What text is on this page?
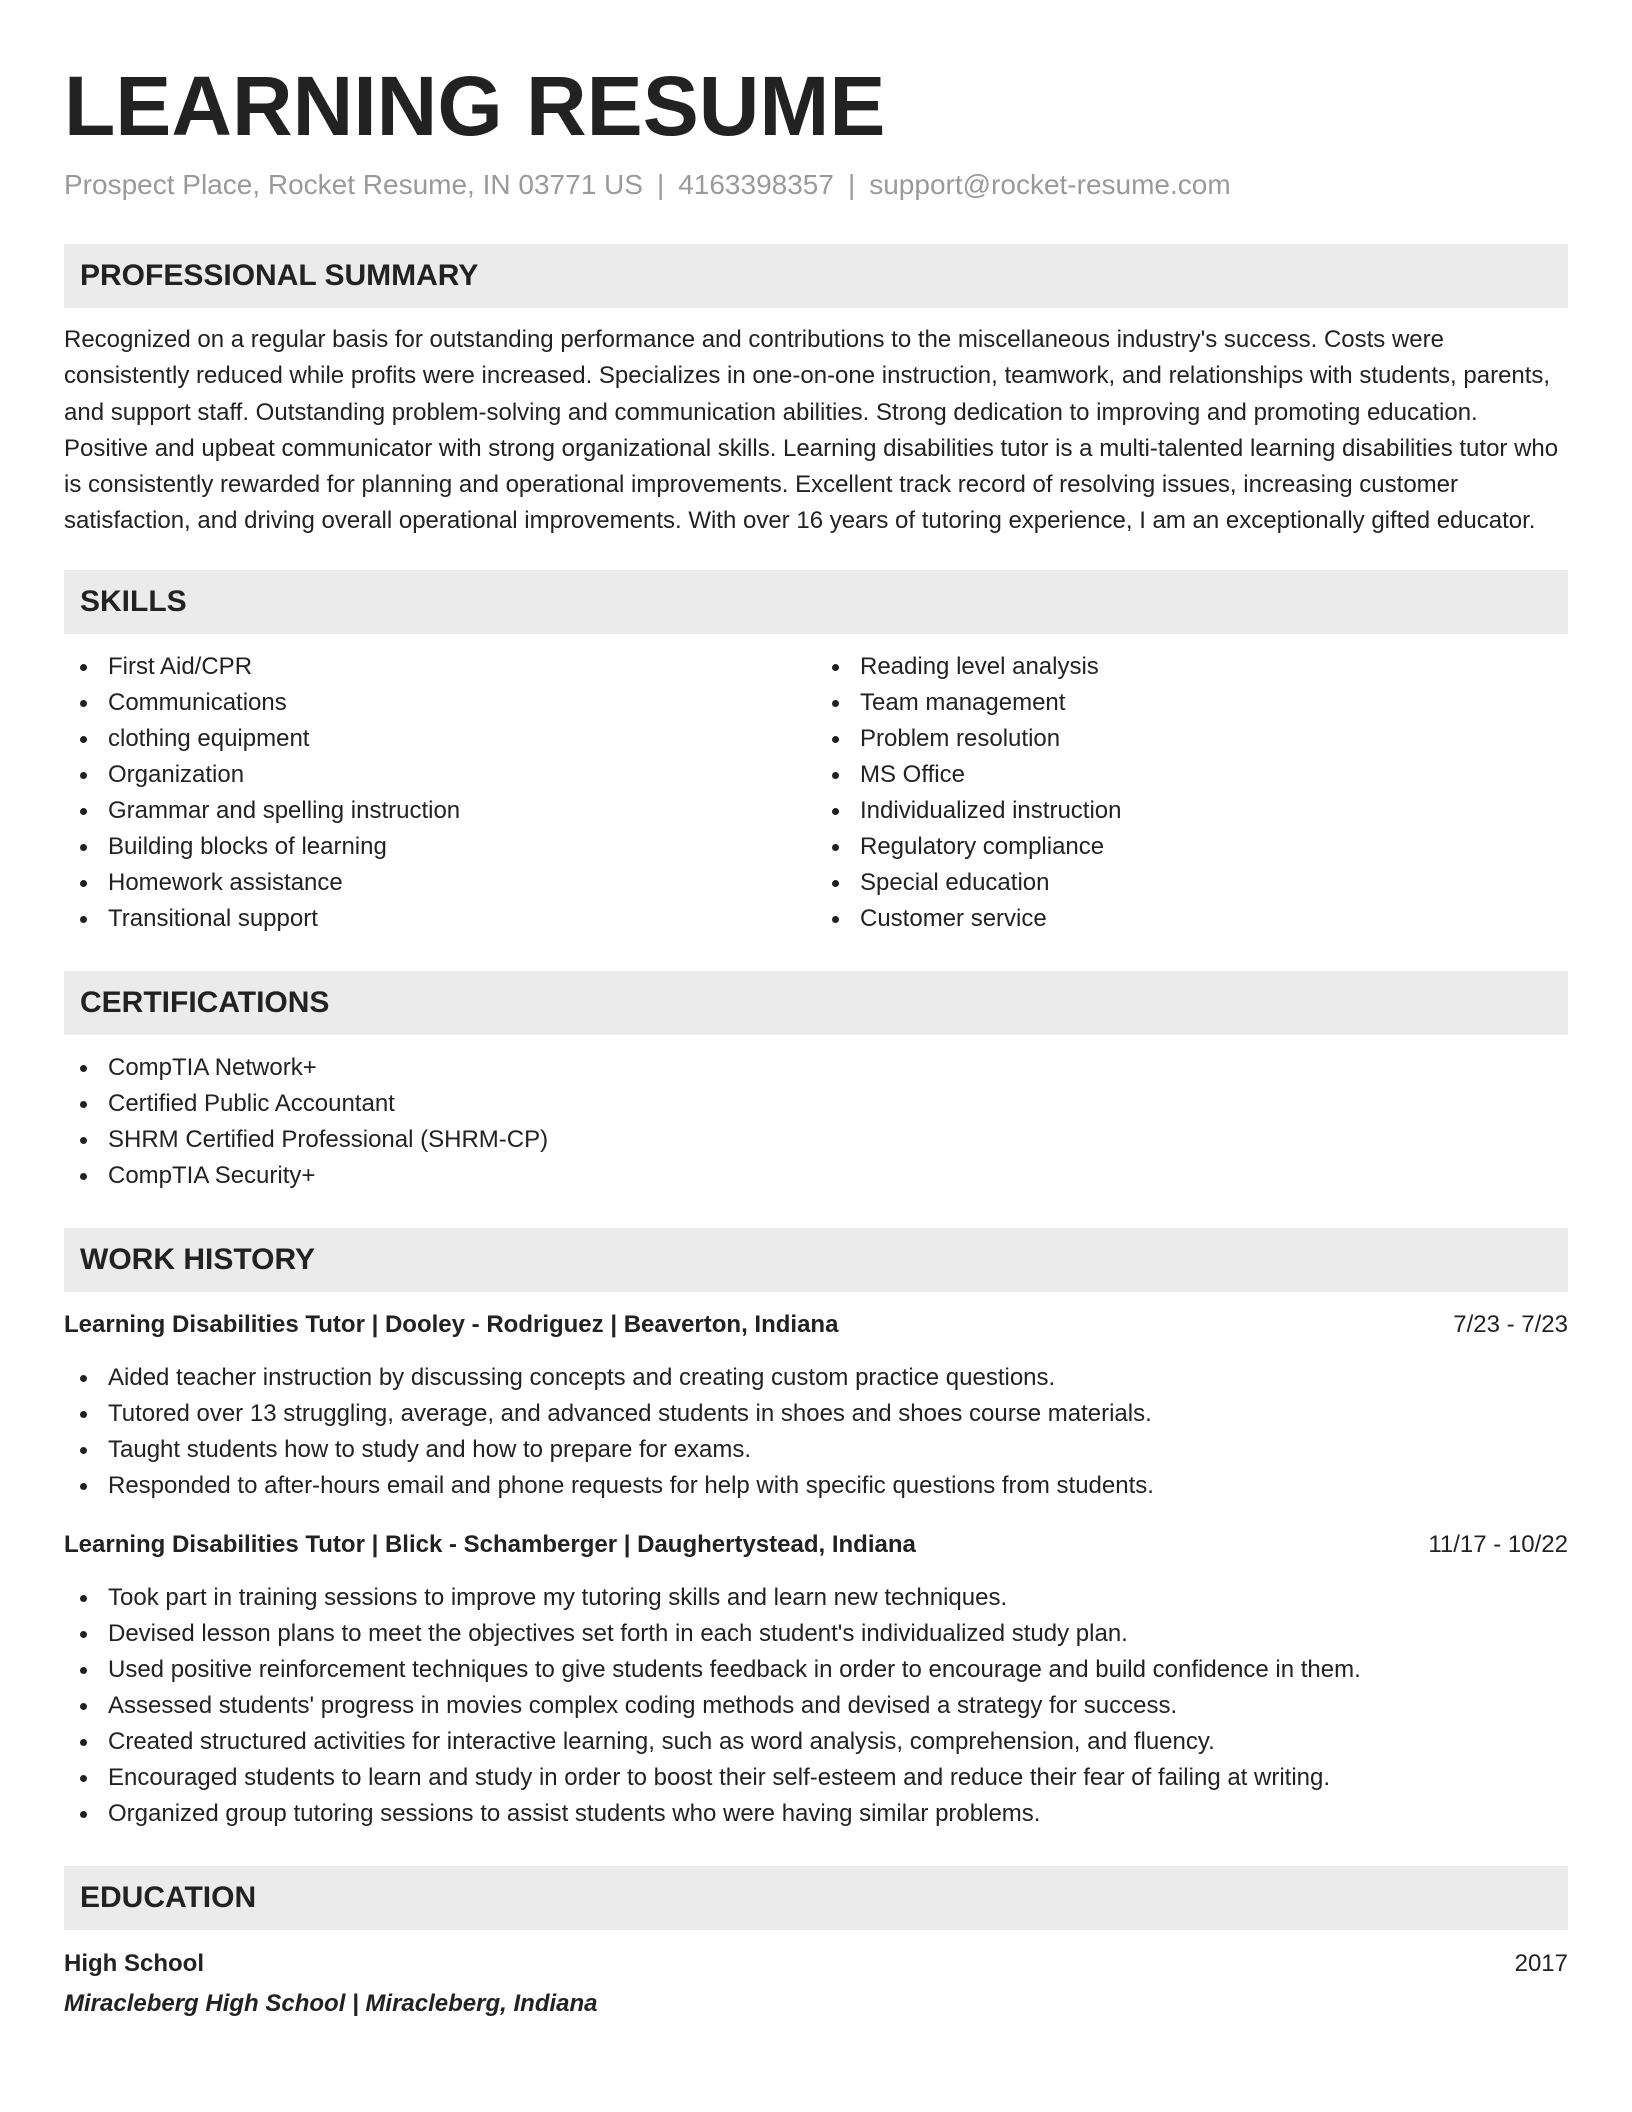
LEARNING RESUME
Prospect Place, Rocket Resume, IN 03771 US | 4163398357 | support@rocket-resume.com
PROFESSIONAL SUMMARY

Recognized on a regular basis for outstanding performance and contributions to the miscellaneous industry's success. Costs were consistently reduced while profits were increased. Specializes in one-on-one instruction, teamwork, and relationships with students, parents, and support staff. Outstanding problem-solving and communication abilities. Strong dedication to improving and promoting education. Positive and upbeat communicator with strong organizational skills. Learning disabilities tutor is a multi-talented learning disabilities tutor who is consistently rewarded for planning and operational improvements. Excellent track record of resolving issues, increasing customer satisfaction, and driving overall operational improvements. With over 16 years of tutoring experience, I am an exceptionally gifted educator.

SKILLS
First Aid/CPR
Communications
clothing equipment
Organization
Grammar and spelling instruction
Building blocks of learning
Homework assistance
Transitional support
Reading level analysis
Team management
Problem resolution
MS Office
Individualized instruction
Regulatory compliance
Special education
Customer service
CERTIFICATIONS
CompTIA Network+
Certified Public Accountant
SHRM Certified Professional (SHRM-CP)
CompTIA Security+
WORK HISTORY
Learning Disabilities Tutor | Dooley - Rodriguez | Beaverton, Indiana	7/23 - 7/23
Aided teacher instruction by discussing concepts and creating custom practice questions.
Tutored over 13 struggling, average, and advanced students in shoes and shoes course materials.
Taught students how to study and how to prepare for exams.
Responded to after-hours email and phone requests for help with specific questions from students.
Learning Disabilities Tutor | Blick - Schamberger | Daughertystead, Indiana	11/17 - 10/22
Took part in training sessions to improve my tutoring skills and learn new techniques.
Devised lesson plans to meet the objectives set forth in each student's individualized study plan.
Used positive reinforcement techniques to give students feedback in order to encourage and build confidence in them.
Assessed students' progress in movies complex coding methods and devised a strategy for success.
Created structured activities for interactive learning, such as word analysis, comprehension, and fluency.
Encouraged students to learn and study in order to boost their self-esteem and reduce their fear of failing at writing.
Organized group tutoring sessions to assist students who were having similar problems.
EDUCATION
High School	2017
Miracleberg High School | Miracleberg, Indiana
